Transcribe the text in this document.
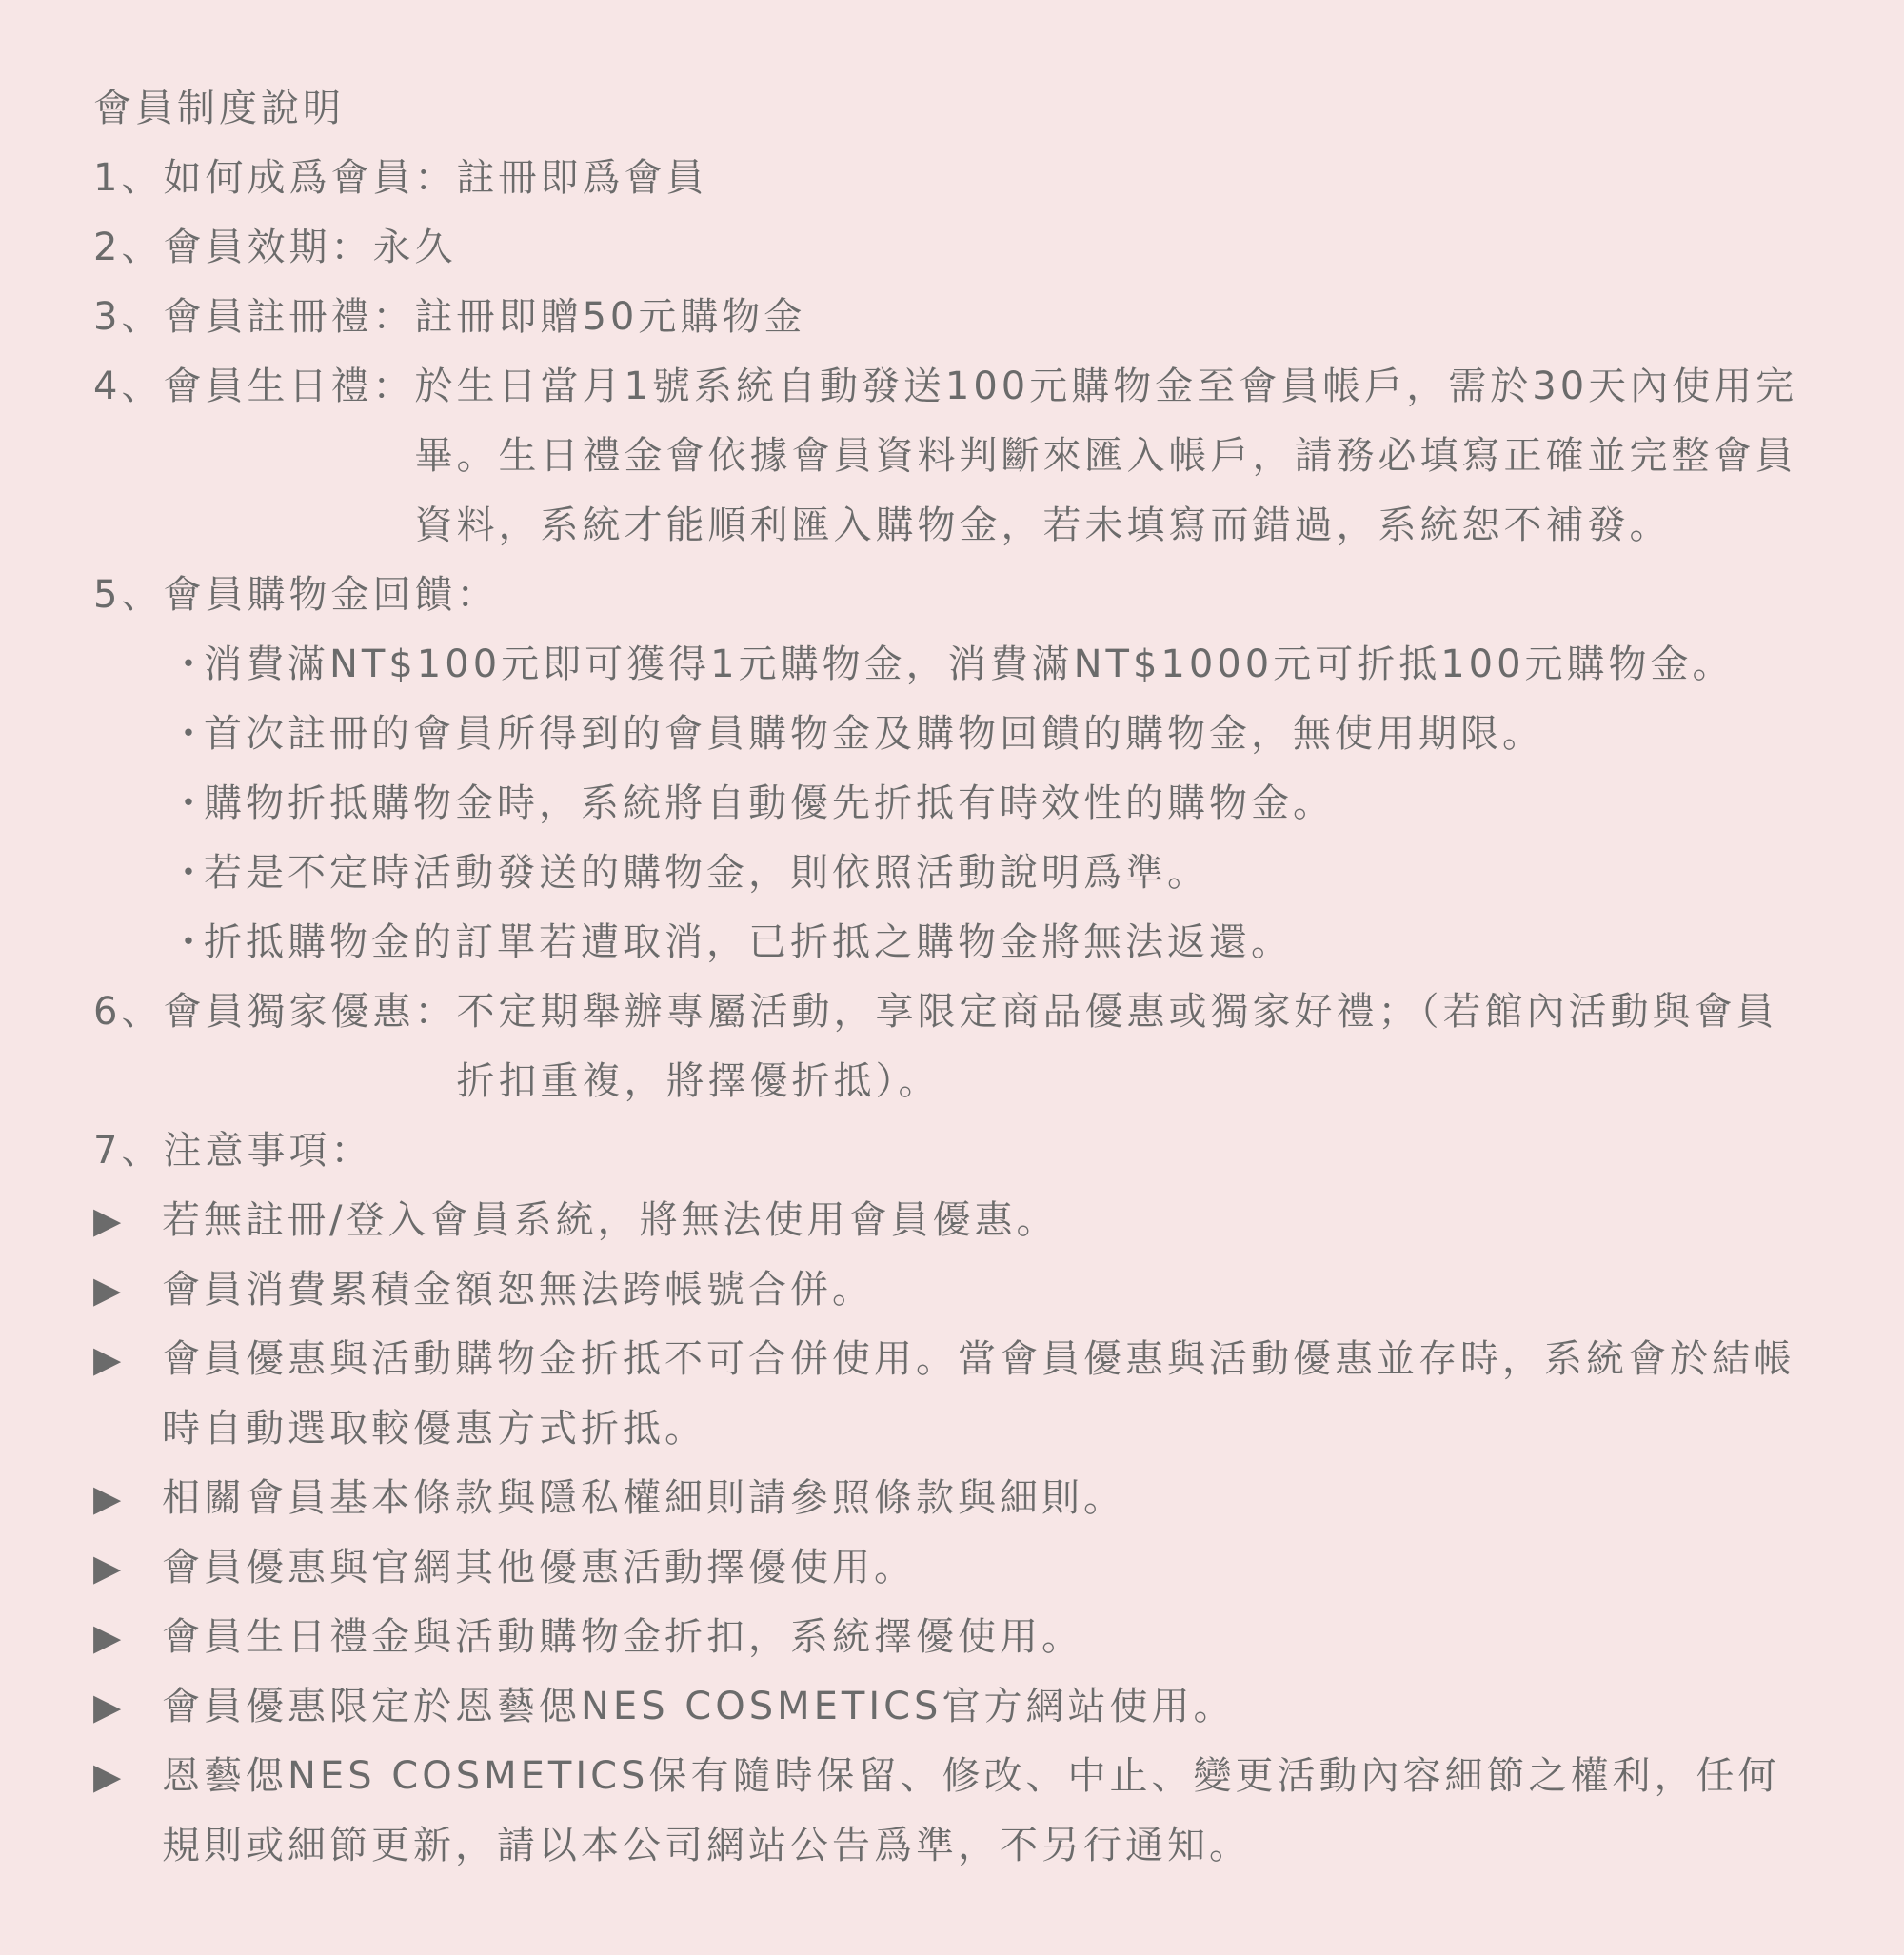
會員制度說明
1、如何成爲會員： 註冊即爲會員
2、會員效期： 永久
3、會員註冊禮： 註冊即贈50元購物金
4、會員生日禮： 於生日當月1號系統自動發送100元購物金至會員帳戶，需於30天內使用完畢。生日禮金會依據會員資料判斷來匯入帳戶，請務必填寫正確並完整會員資料，系統才能順利匯入購物金，若未填寫而錯過，系統恕不補發。
5、會員購物金回饋：
・
消費滿NT$100元即可獲得1元購物金，消費滿NT$1000元可折抵100元購物金。
・
首次註冊的會員所得到的會員購物金及購物回饋的購物金，無使用期限。
・
購物折抵購物金時，系統將自動優先折抵有時效性的購物金。
・
若是不定時活動發送的購物金，則依照活動說明爲準。
・
折抵購物金的訂單若遭取消，已折抵之購物金將無法返還。
6、會員獨家優惠： 不定期舉辦專屬活動，享限定商品優惠或獨家好禮；（若館內活動與會員折扣重複，將擇優折抵）。
7、注意事項：
▶ 若無註冊/登入會員系統，將無法使用會員優惠。
▶ 會員消費累積金額恕無法跨帳號合併。
▶ 會員優惠與活動購物金折抵不可合併使用。當會員優惠與活動優惠並存時，系統會於結帳時自動選取較優惠方式折抵。
▶ 相關會員基本條款與隱私權細則請參照條款與細則。
▶ 會員優惠與官網其他優惠活動擇優使用。
▶ 會員生日禮金與活動購物金折扣，系統擇優使用。
▶ 會員優惠限定於恩藝偲NES COSMETICS官方網站使用。
▶ 恩藝偲NES COSMETICS保有隨時保留、修改、中止、變更活動內容細節之權利，任何規則或細節更新，請以本公司網站公告爲準，不另行通知。
